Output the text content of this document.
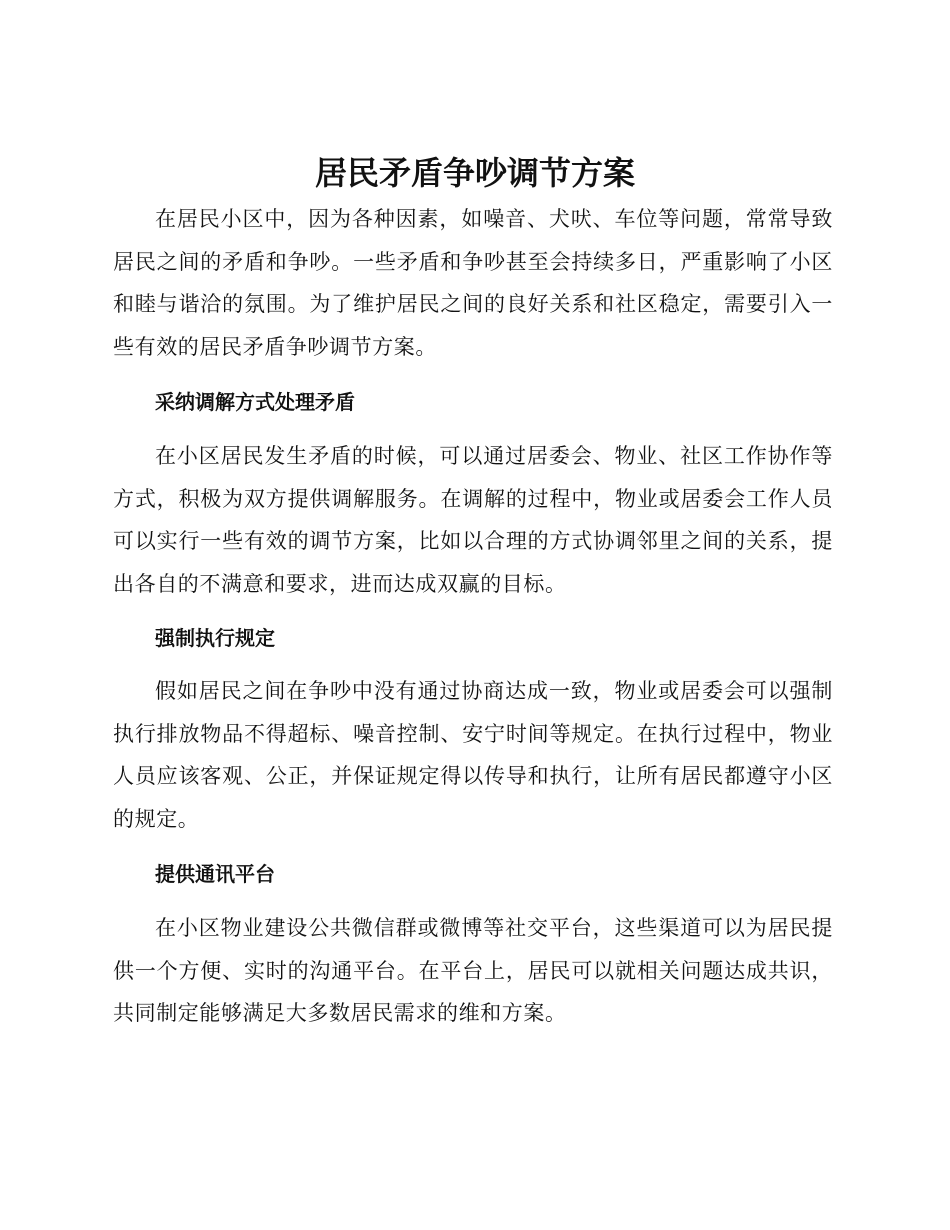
居民矛盾争吵调节方案

在居民小区中，因为各种因素，如噪音、犬吠、车位等问题，常常导致居民之间的矛盾和争吵。一些矛盾和争吵甚至会持续多日，严重影响了小区和睦与谐洽的氛围。为了维护居民之间的良好关系和社区稳定，需要引入一些有效的居民矛盾争吵调节方案。

采纳调解方式处理矛盾

在小区居民发生矛盾的时候，可以通过居委会、物业、社区工作协作等方式，积极为双方提供调解服务。在调解的过程中，物业或居委会工作人员可以实行一些有效的调节方案，比如以合理的方式协调邻里之间的关系，提出各自的不满意和要求，进而达成双赢的目标。

强制执行规定

假如居民之间在争吵中没有通过协商达成一致，物业或居委会可以强制执行排放物品不得超标、噪音控制、安宁时间等规定。在执行过程中，物业人员应该客观、公正，并保证规定得以传导和执行，让所有居民都遵守小区的规定。

提供通讯平台

在小区物业建设公共微信群或微博等社交平台，这些渠道可以为居民提供一个方便、实时的沟通平台。在平台上，居民可以就相关问题达成共识，共同制定能够满足大多数居民需求的维和方案。
